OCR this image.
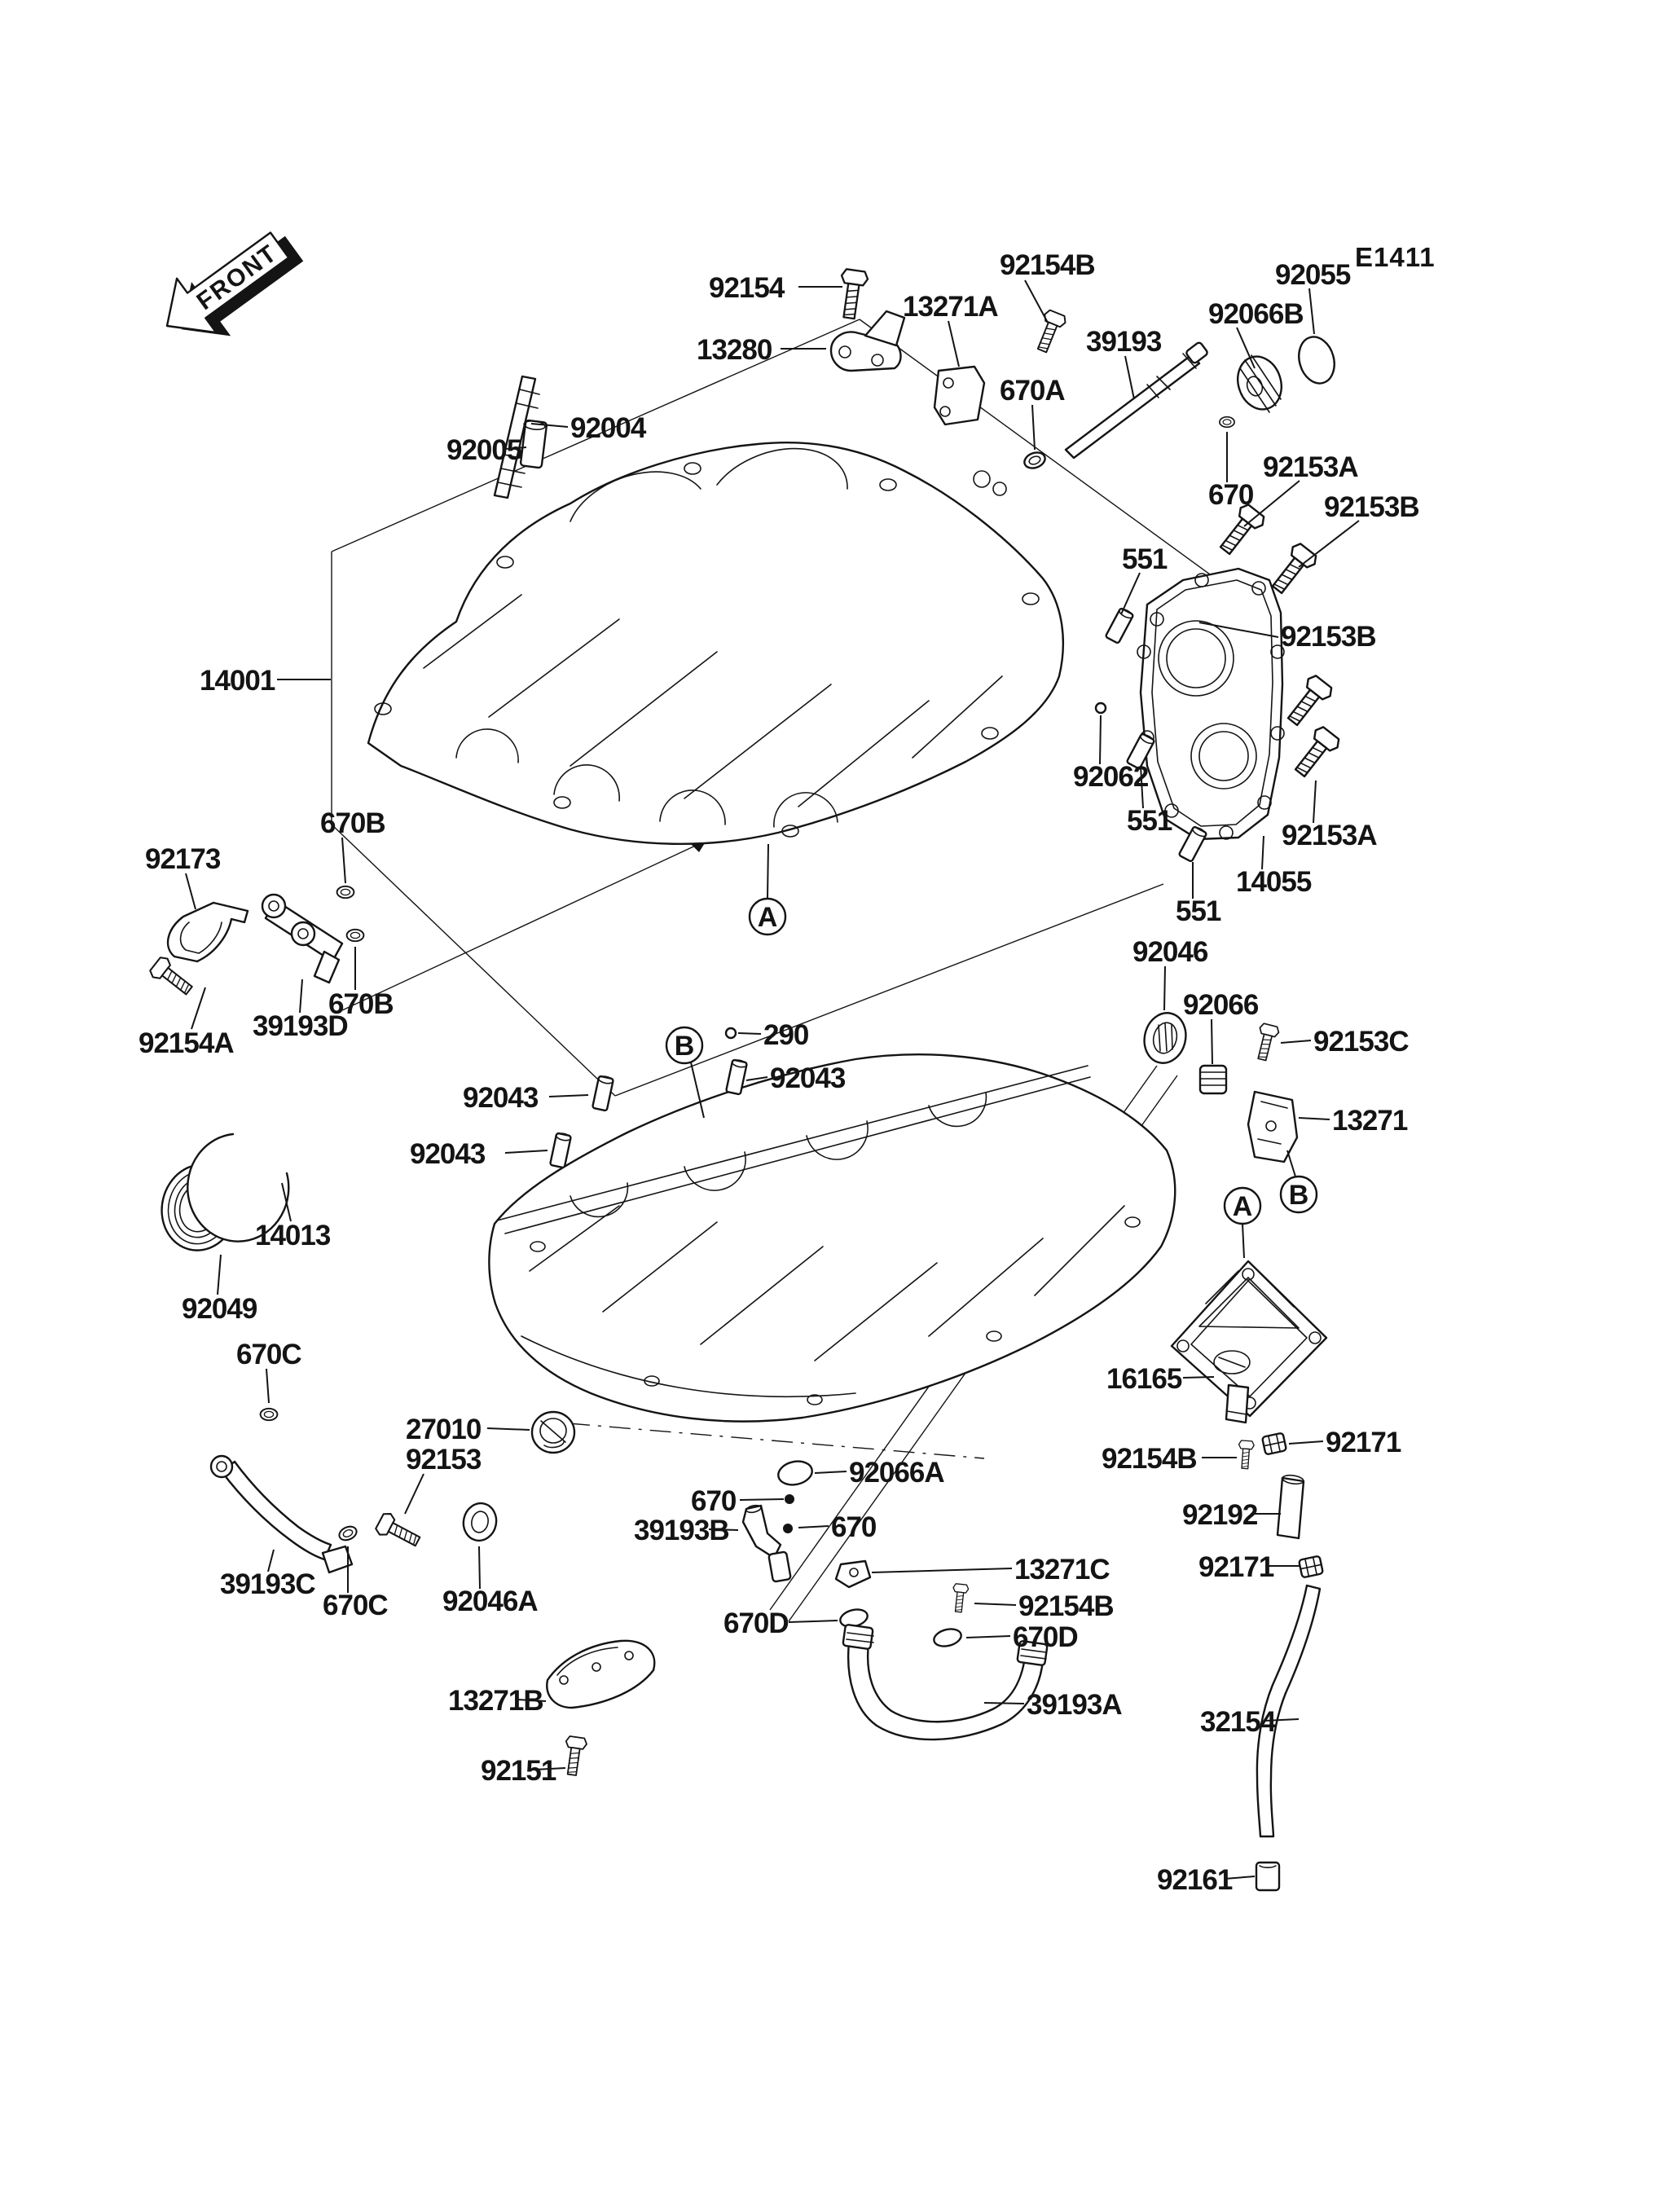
FRONT	92154
13280
92004
92005
92154B
13271A
39193
670A
92066B
92055
670
92153A
92153B
551
92153B
92062
551	92153A
14055
551
14001
670B
92173
92154A
39193D
670B
14013
92049
92043
92043
92043
290
92046
92066
92153C
13271
16165
92154B
92171
92192
92171
32154
92161
92066A
670
39193B	670
13271C
92154B
670D	670D
39193A
13271B
92151
39193C
670C 92046A
670C
27010
92153
A
B
A B
E1411
